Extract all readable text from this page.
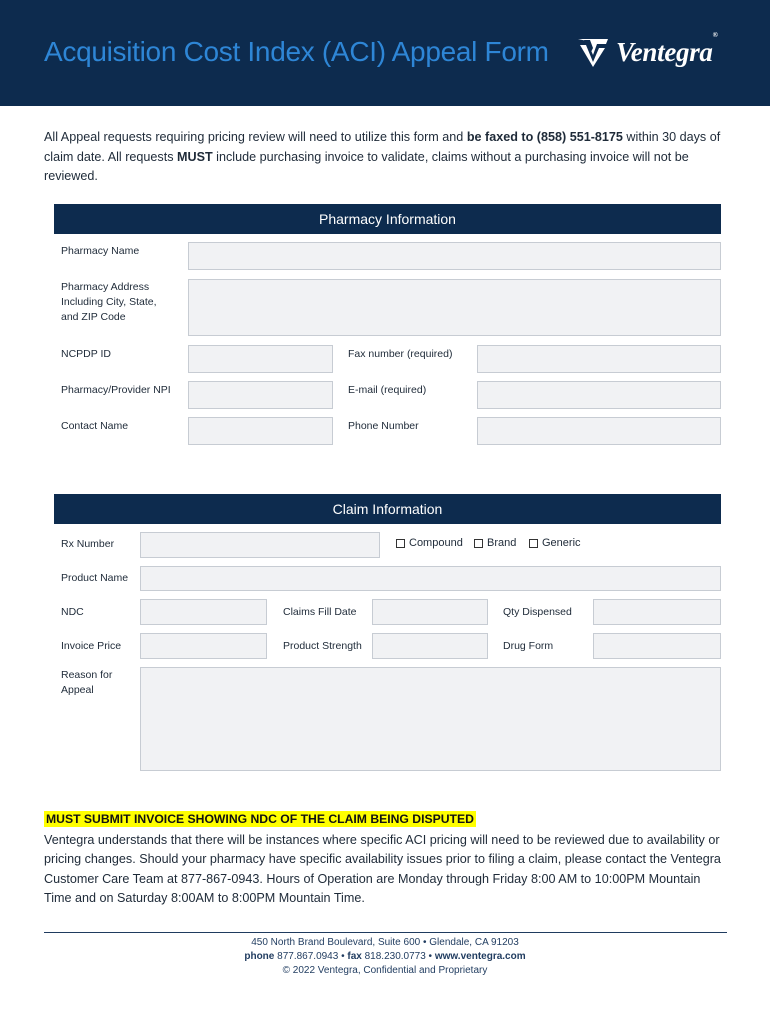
Acquisition Cost Index (ACI) Appeal Form Ventegra®
All Appeal requests requiring pricing review will need to utilize this form and be faxed to (858) 551-8175 within 30 days of claim date. All requests MUST include purchasing invoice to validate, claims without a purchasing invoice will not be reviewed.
Pharmacy Information
Pharmacy Name
Pharmacy Address Including City, State, and ZIP Code
NCPDP ID	Fax number (required)
Pharmacy/Provider NPI	E-mail (required)
Contact Name	Phone Number
Claim Information
Rx Number	Compound Brand Generic
Product Name
NDC	Claims Fill Date	Qty Dispensed
Invoice Price	Product Strength	Drug Form
Reason for Appeal
MUST SUBMIT INVOICE SHOWING NDC OF THE CLAIM BEING DISPUTED
Ventegra understands that there will be instances where specific ACI pricing will need to be reviewed due to availability or pricing changes. Should your pharmacy have specific availability issues prior to filing a claim, please contact the Ventegra Customer Care Team at 877-867-0943. Hours of Operation are Monday through Friday 8:00 AM to 10:00PM Mountain Time and on Saturday 8:00AM to 8:00PM Mountain Time.
450 North Brand Boulevard, Suite 600 • Glendale, CA 91203
phone 877.867.0943 • fax 818.230.0773 • www.ventegra.com
© 2022 Ventegra, Confidential and Proprietary
